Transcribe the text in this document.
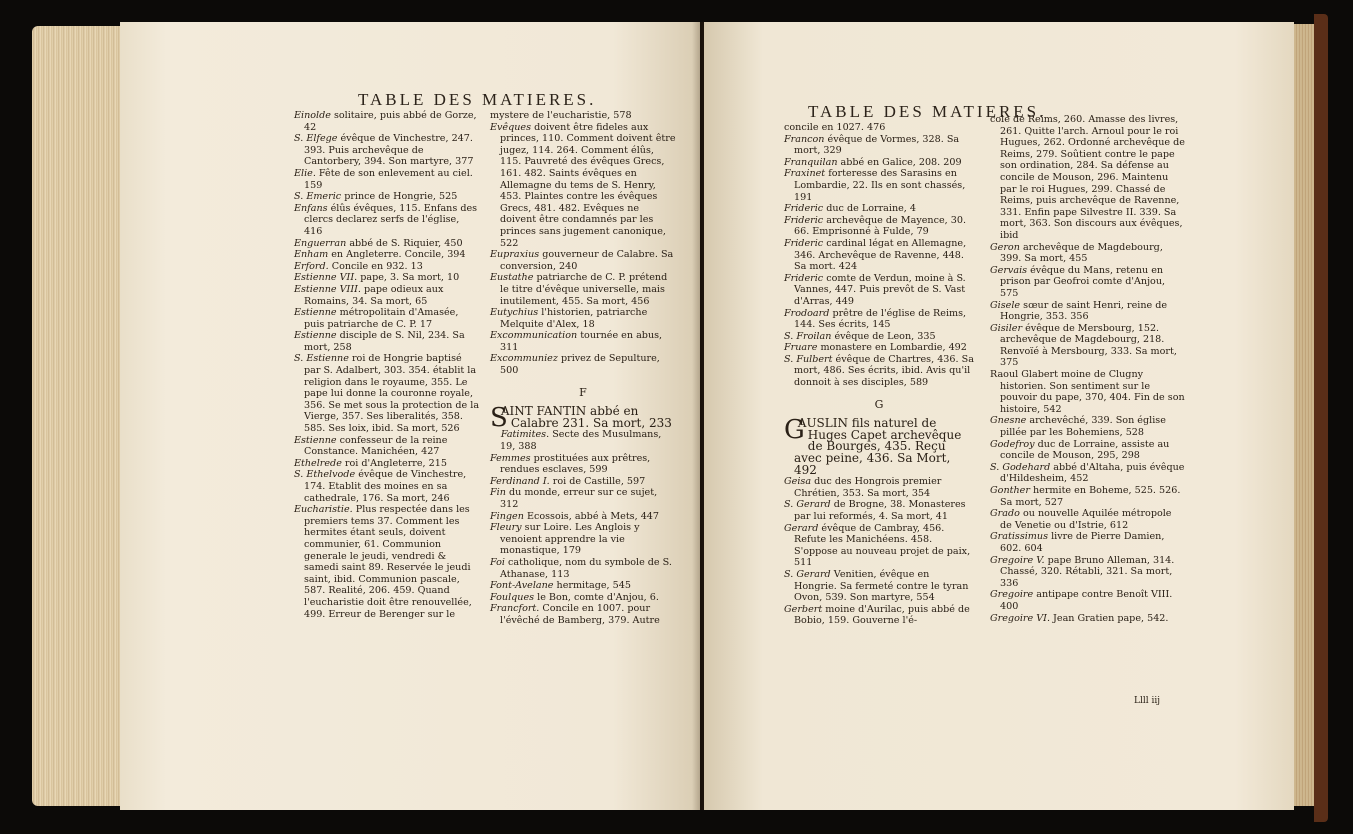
TABLE DES MATIERES.

Einolde solitaire, puis abbé de Gorze, 42

S. Elfege évêque de Vinchestre, 247. 393. Puis archevêque de Cantorbery, 394. Son martyre, 377

Elie. Fête de son enlevement au ciel. 159

S. Emeric prince de Hongrie, 525

Enfans élûs évêques, 115. Enfans des clercs declarez serfs de l'église, 416

Enguerran abbé de S. Riquier, 450

Enham en Angleterre. Concile, 394

Erford. Concile en 932. 13

Estienne VII. pape, 3. Sa mort, 10

Estienne VIII. pape odieux aux Romains, 34. Sa mort, 65

Estienne métropolitain d'Amasée, puis patriarche de C. P. 17

Estienne disciple de S. Nil, 234. Sa mort, 258

S. Estienne roi de Hongrie baptisé par S. Adalbert, 303. 354. établit la religion dans le royaume, 355. Le pape lui donne la couronne royale, 356. Se met sous la protection de la Vierge, 357. Ses liberalités, 358. 585. Ses loix, ibid. Sa mort, 526

Estienne confesseur de la reine Constance. Manichéen, 427

Ethelrede roi d'Angleterre, 215

S. Ethelvode évêque de Vinchestre, 174. Etablit des moines en sa cathedrale, 176. Sa mort, 246

Eucharistie. Plus respectée dans les premiers tems 37. Comment les hermites étant seuls, doivent communier, 61. Communion generale le jeudi, vendredi & samedi saint 89. Reservée le jeudi saint, ibid. Communion pascale, 587. Realité, 206. 459. Quand l'eucharistie doit être renouvellée, 499. Erreur de Berenger sur le

mystere de l'eucharistie, 578

Evêques doivent être fideles aux princes, 110. Comment doivent être jugez, 114. 264. Comment élûs, 115. Pauvreté des évêques Grecs, 161. 482. Saints évêques en Allemagne du tems de S. Henry, 453. Plaintes contre les évêques Grecs, 481. 482. Evêques ne doivent être condamnés par les princes sans jugement canonique, 522

Eupraxius gouverneur de Calabre. Sa conversion, 240

Eustathe patriarche de C. P. prétend le titre d'évêque universelle, mais inutilement, 455. Sa mort, 456

Eutychius l'historien, patriarche Melquite d'Alex, 18

Excommunication tournée en abus, 311

Excommuniez privez de Sepulture, 500

F

S
AINT FANTIN abbé en Calabre 231. Sa mort, 233

Fatimites. Secte des Musulmans, 19, 388

Femmes prostituées aux prêtres, rendues esclaves, 599

Ferdinand I. roi de Castille, 597

Fin du monde, erreur sur ce sujet, 312

Fingen Ecossois, abbé à Mets, 447

Fleury sur Loire. Les Anglois y venoient apprendre la vie monastique, 179

Foi catholique, nom du symbole de S. Athanase, 113

Font-Avelane hermitage, 545

Foulques le Bon, comte d'Anjou, 6.

Francfort. Concile en 1007. pour l'évêché de Bamberg, 379. Autre

TABLE DES MATIERES.

concile en 1027. 476

Francon évêque de Vormes, 328. Sa mort, 329

Franquilan abbé en Galice, 208. 209

Fraxinet forteresse des Sarasins en Lombardie, 22. Ils en sont chassés, 191

Frideric duc de Lorraine, 4

Frideric archevêque de Mayence, 30. 66. Emprisonné à Fulde, 79

Frideric cardinal légat en Allemagne, 346. Archevêque de Ravenne, 448. Sa mort. 424

Frideric comte de Verdun, moine à S. Vannes, 447. Puis prevôt de S. Vast d'Arras, 449

Frodoard prêtre de l'église de Reims, 144. Ses écrits, 145

S. Froilan évêque de Leon, 335

Fruare monastere en Lombardie, 492

S. Fulbert évêque de Chartres, 436. Sa mort, 486. Ses écrits, ibid. Avis qu'il donnoit à ses disciples, 589

G

G
AUSLIN fils naturel de Huges Capet archevêque de Bourges, 435. Reçu avec peine, 436. Sa Mort, 492

Geisa duc des Hongrois premier Chrétien, 353. Sa mort, 354

S. Gerard de Brogne, 38. Monasteres par lui reformés, 4. Sa mort, 41

Gerard évêque de Cambray, 456. Refute les Manichéens. 458. S'oppose au nouveau projet de paix, 511

S. Gerard Venitien, évêque en Hongrie. Sa fermeté contre le tyran Ovon, 539. Son martyre, 554

Gerbert moine d'Aurilac, puis abbé de Bobio, 159. Gouverne l'é-

cole de Reims, 260. Amasse des livres, 261. Quitte l'arch. Arnoul pour le roi Hugues, 262. Ordonné archevêque de Reims, 279. Soûtient contre le pape son ordination, 284. Sa défense au concile de Mouson, 296. Maintenu par le roi Hugues, 299. Chassé de Reims, puis archevêque de Ravenne, 331. Enfin pape Silvestre II. 339. Sa mort, 363. Son discours aux évêques, ibid

Geron archevêque de Magdebourg, 399. Sa mort, 455

Gervais évêque du Mans, retenu en prison par Geofroi comte d'Anjou, 575

Gisele sœur de saint Henri, reine de Hongrie, 353. 356

Gisiler évêque de Mersbourg, 152. archevêque de Magdebourg, 218. Renvoïé à Mersbourg, 333. Sa mort, 375

Raoul Glabert moine de Clugny historien. Son sentiment sur le pouvoir du pape, 370, 404. Fin de son histoire, 542

Gnesne archevêché, 339. Son église pillée par les Bohemiens, 528

Godefroy duc de Lorraine, assiste au concile de Mouson, 295, 298

S. Godehard abbé d'Altaha, puis évêque d'Hildesheim, 452

Gonther hermite en Boheme, 525. 526. Sa mort, 527

Grado ou nouvelle Aquilée métropole de Venetie ou d'Istrie, 612

Gratissimus livre de Pierre Damien, 602. 604

Gregoire V. pape Bruno Alleman, 314. Chassé, 320. Rétabli, 321. Sa mort, 336

Gregoire antipape contre Benoît VIII. 400

Gregoire VI. Jean Gratien pape, 542.

Llll iij
